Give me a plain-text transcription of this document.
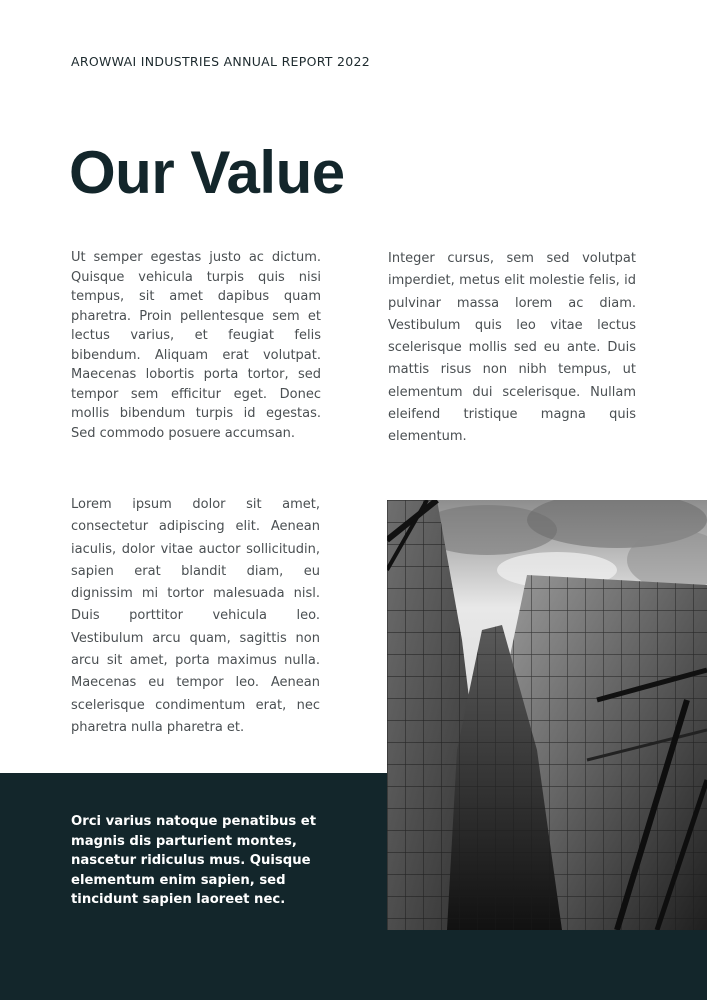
AROWWAI INDUSTRIES ANNUAL REPORT 2022
Our Value

Ut semper egestas justo ac dictum. Quisque vehicula turpis quis nisi tempus, sit amet dapibus quam pharetra. Proin pellentesque sem et lectus varius, et feugiat felis bibendum. Aliquam erat volutpat. Maecenas lobortis porta tortor, sed tempor sem efficitur eget. Donec mollis bibendum turpis id egestas. Sed commodo posuere accumsan.

Integer cursus, sem sed volutpat imperdiet, metus elit molestie felis, id pulvinar massa lorem ac diam. Vestibulum quis leo vitae lectus scelerisque mollis sed eu ante. Duis mattis risus non nibh tempus, ut elementum dui scelerisque. Nullam eleifend tristique magna quis elementum.

Lorem ipsum dolor sit amet, consectetur adipiscing elit. Aenean iaculis, dolor vitae auctor sollicitudin, sapien erat blandit diam, eu dignissim mi tortor malesuada nisl. Duis porttitor vehicula leo. Vestibulum arcu quam, sagittis non arcu sit amet, porta maximus nulla. Maecenas eu tempor leo. Aenean scelerisque condimentum erat, nec pharetra nulla pharetra et.

Orci varius natoque penatibus et magnis dis parturient montes, nascetur ridiculus mus. Quisque elementum enim sapien, sed tincidunt sapien laoreet nec.
